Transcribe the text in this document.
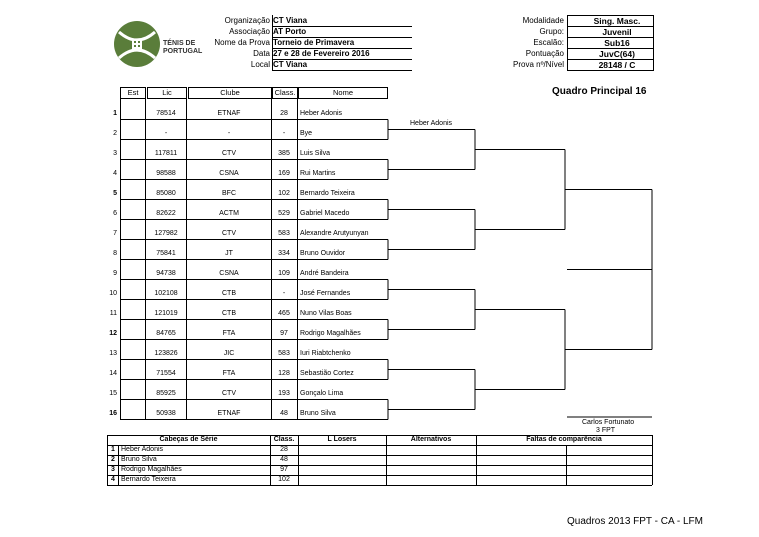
TÉNIS DE
PORTUGAL
Organização CT Viana
Associação AT Porto
Nome da Prova Torneio de Primavera
Data 27 e 28 de Fevereiro 2016
Local CT Viana
Modalidade	Sing. Masc.
Grupo:	Juvenil
Escalão:	Sub16
Pontuação	JuvC(64)
Prova nº/Nível	28148 / C
Quadro Principal 16
Est	Lic	Clube	Class.	Nome
1	78514	ETNAF	28	Heber Adonis
2	-	-	-	Bye
3	117811	CTV	385	Luis Silva
4	98588	CSNA	169	Rui Martins
5	85080	BFC	102	Bernardo Teixeira
6	82622	ACTM	529	Gabriel Macedo
7	127982	CTV	583	Alexandre Arutyunyan
8	75841	JT	334	Bruno Ouvidor
9	94738	CSNA	109	André Bandeira
10	102108	CTB	-	José Fernandes
11	121019	CTB	465	Nuno Vilas Boas
12	84765	FTA	97	Rodrigo Magalhães
13	123826	JIC	583	Iuri Riabtchenko
14	71554	FTA	128	Sebastião Cortez
15	85925	CTV	193	Gonçalo Lima
16	50938	ETNAF	48	Bruno Silva
Heber Adonis
Carlos Fortunato
3 FPT
Cabeças de Série	Class.	L Losers	Alternativos	Faltas de comparência
1 Heber Adonis	28
2 Bruno Silva	48
3 Rodrigo Magalhães	97
4 Bernardo Teixeira	102
Quadros 2013 FPT - CA - LFM
